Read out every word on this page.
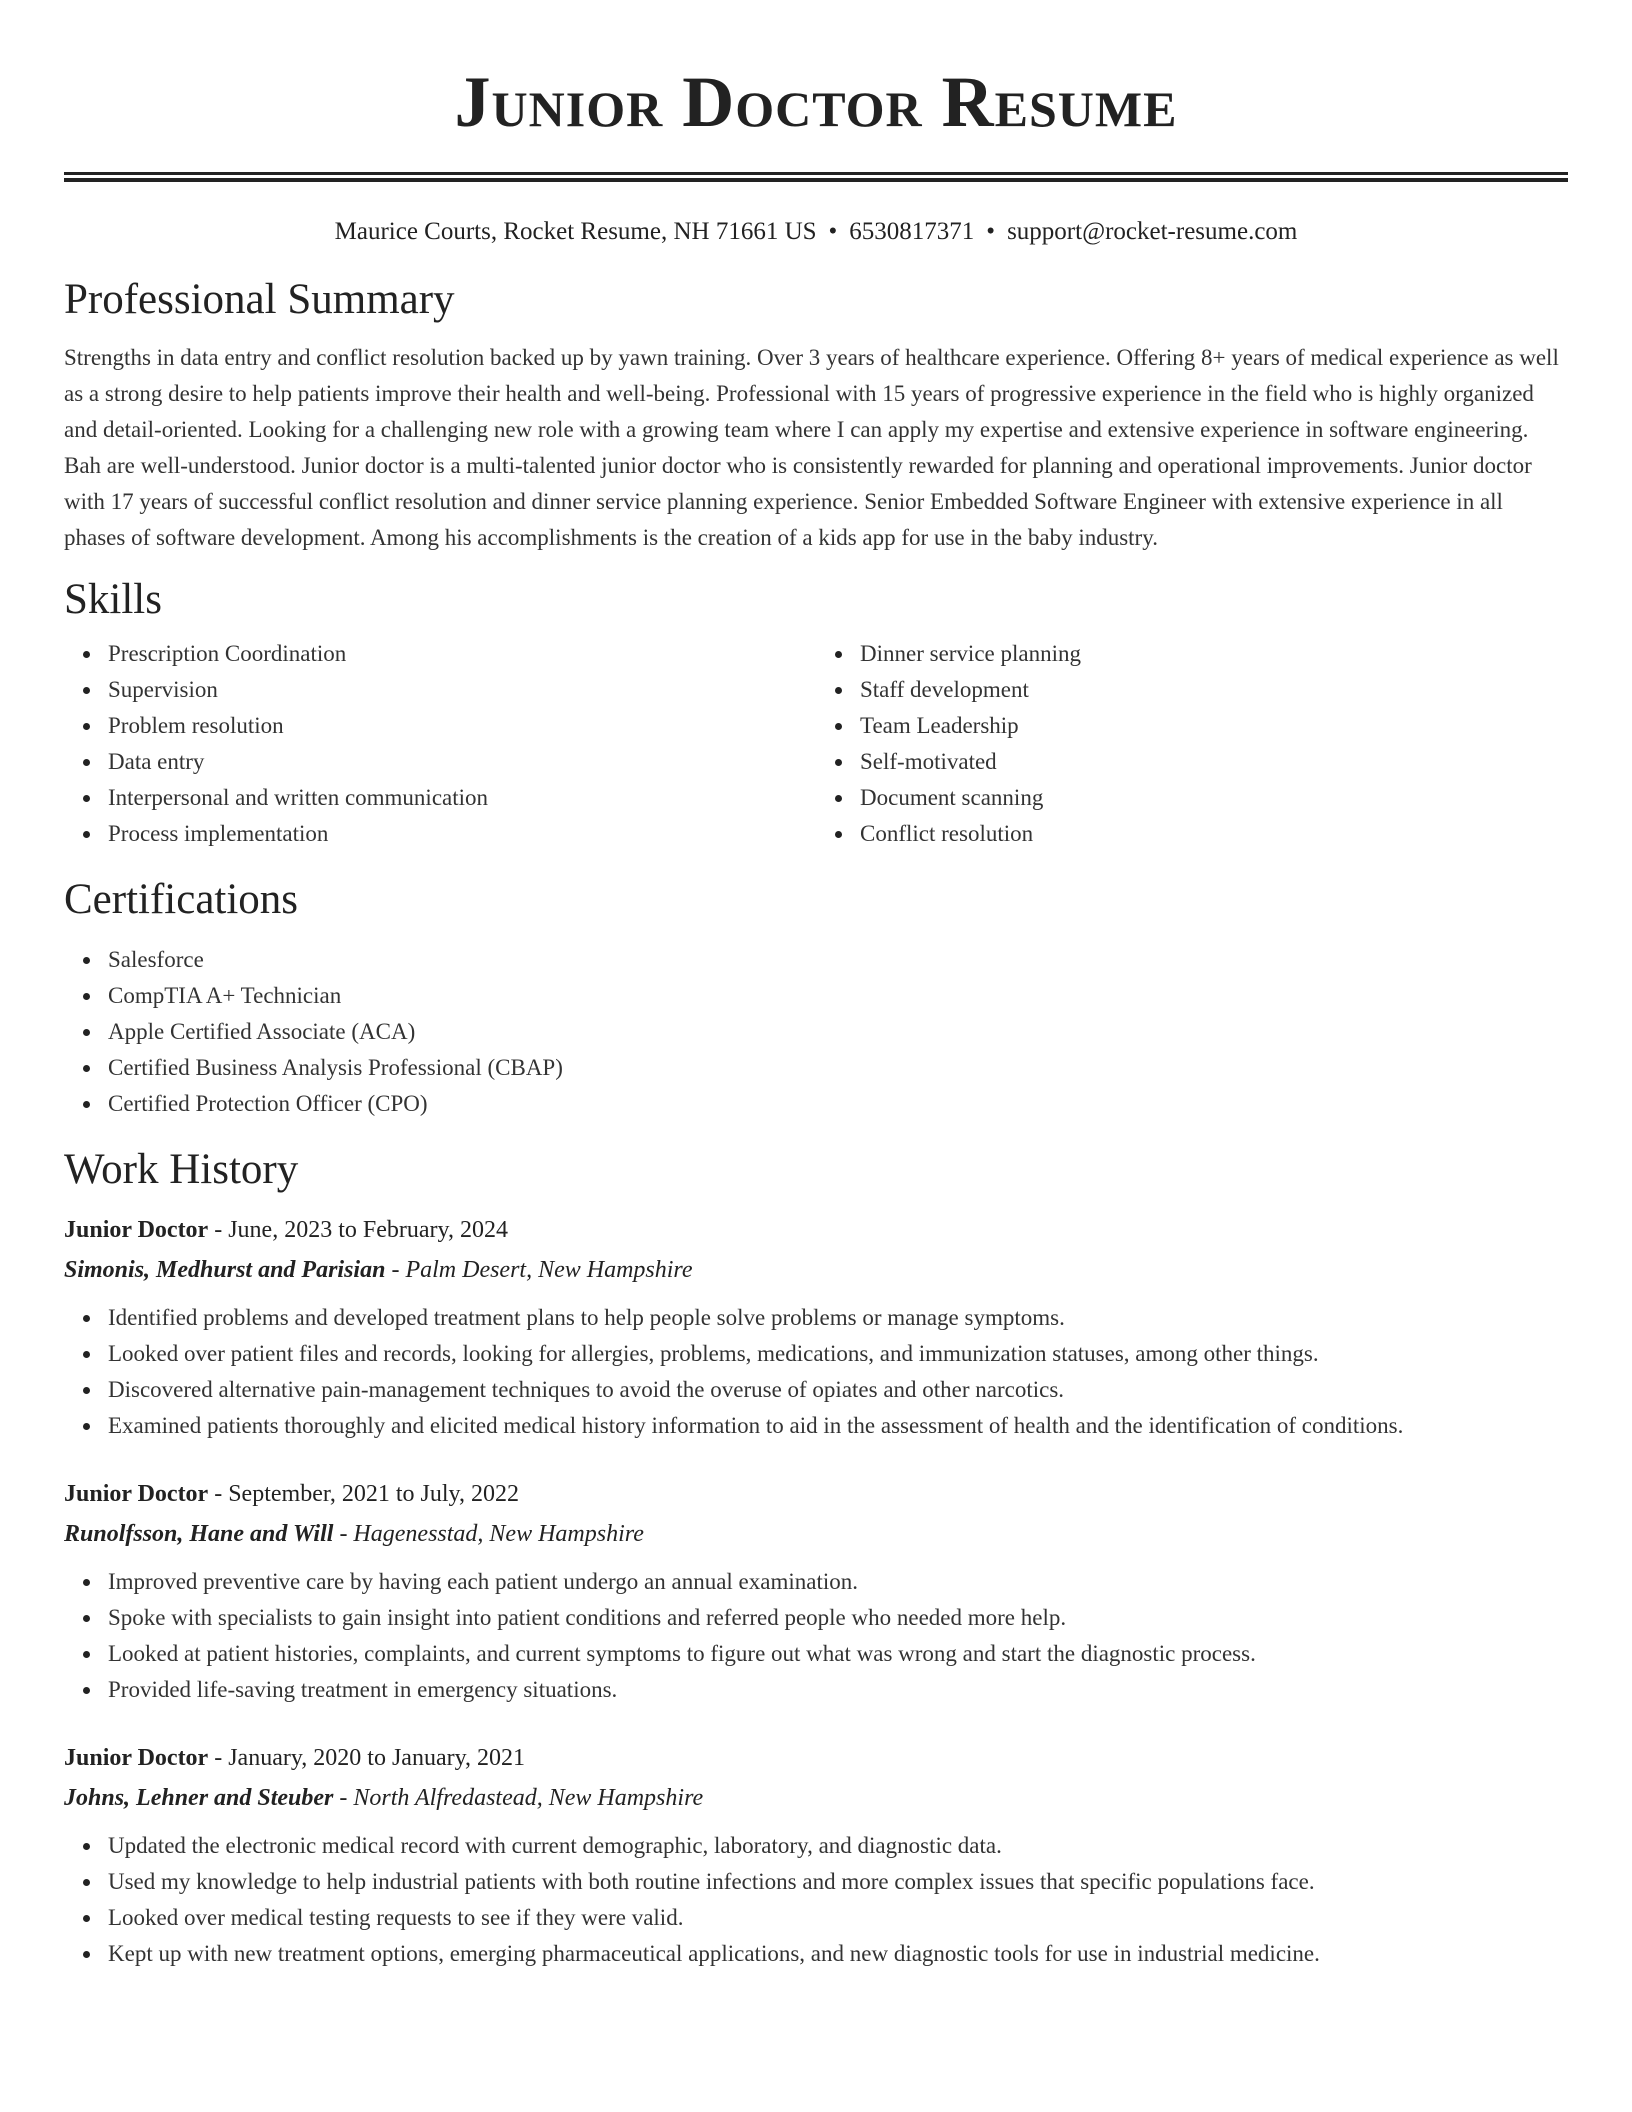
Junior Doctor Resume
Maurice Courts, Rocket Resume, NH 71661 US • 6530817371 • support@rocket-resume.com
Professional Summary

Strengths in data entry and conflict resolution backed up by yawn training. Over 3 years of healthcare experience. Offering 8+ years of medical experience as well as a strong desire to help patients improve their health and well-being. Professional with 15 years of progressive experience in the field who is highly organized and detail-oriented. Looking for a challenging new role with a growing team where I can apply my expertise and extensive experience in software engineering. Bah are well-understood. Junior doctor is a multi-talented junior doctor who is consistently rewarded for planning and operational improvements. Junior doctor with 17 years of successful conflict resolution and dinner service planning experience. Senior Embedded Software Engineer with extensive experience in all phases of software development. Among his accomplishments is the creation of a kids app for use in the baby industry.

Skills
Prescription Coordination
Supervision
Problem resolution
Data entry
Interpersonal and written communication
Process implementation
Dinner service planning
Staff development
Team Leadership
Self-motivated
Document scanning
Conflict resolution
Certifications
Salesforce
CompTIA A+ Technician
Apple Certified Associate (ACA)
Certified Business Analysis Professional (CBAP)
Certified Protection Officer (CPO)
Work History
Junior Doctor - June, 2023 to February, 2024
Simonis, Medhurst and Parisian - Palm Desert, New Hampshire
Identified problems and developed treatment plans to help people solve problems or manage symptoms.
Looked over patient files and records, looking for allergies, problems, medications, and immunization statuses, among other things.
Discovered alternative pain-management techniques to avoid the overuse of opiates and other narcotics.
Examined patients thoroughly and elicited medical history information to aid in the assessment of health and the identification of conditions.
Junior Doctor - September, 2021 to July, 2022
Runolfsson, Hane and Will - Hagenesstad, New Hampshire
Improved preventive care by having each patient undergo an annual examination.
Spoke with specialists to gain insight into patient conditions and referred people who needed more help.
Looked at patient histories, complaints, and current symptoms to figure out what was wrong and start the diagnostic process.
Provided life-saving treatment in emergency situations.
Junior Doctor - January, 2020 to January, 2021
Johns, Lehner and Steuber - North Alfredastead, New Hampshire
Updated the electronic medical record with current demographic, laboratory, and diagnostic data.
Used my knowledge to help industrial patients with both routine infections and more complex issues that specific populations face.
Looked over medical testing requests to see if they were valid.
Kept up with new treatment options, emerging pharmaceutical applications, and new diagnostic tools for use in industrial medicine.
